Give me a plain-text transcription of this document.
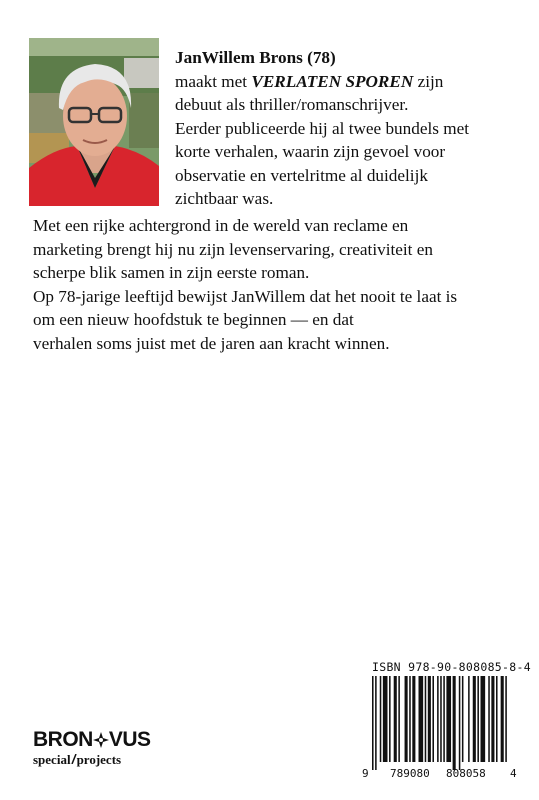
JanWillem Brons (78)
maakt met VERLATEN SPOREN zijn
debuut als thriller/romanschrijver.
Eerder publiceerde hij al twee bundels met
korte verhalen, waarin zijn gevoel voor
observatie en vertelritme al duidelijk
zichtbaar was.

Met een rijke achtergrond in de wereld van reclame en

marketing brengt hij nu zijn levenservaring, creativiteit en

scherpe blik samen in zijn eerste roman.

Op 78-jarige leeftijd bewijst JanWillem dat het nooit te laat is

om een nieuw hoofdstuk te beginnen — en dat

verhalen soms juist met de jaren aan kracht winnen.

BRON VUS
special projects
ISBN 978-90-808085-8-4
9 789080 808058 4
